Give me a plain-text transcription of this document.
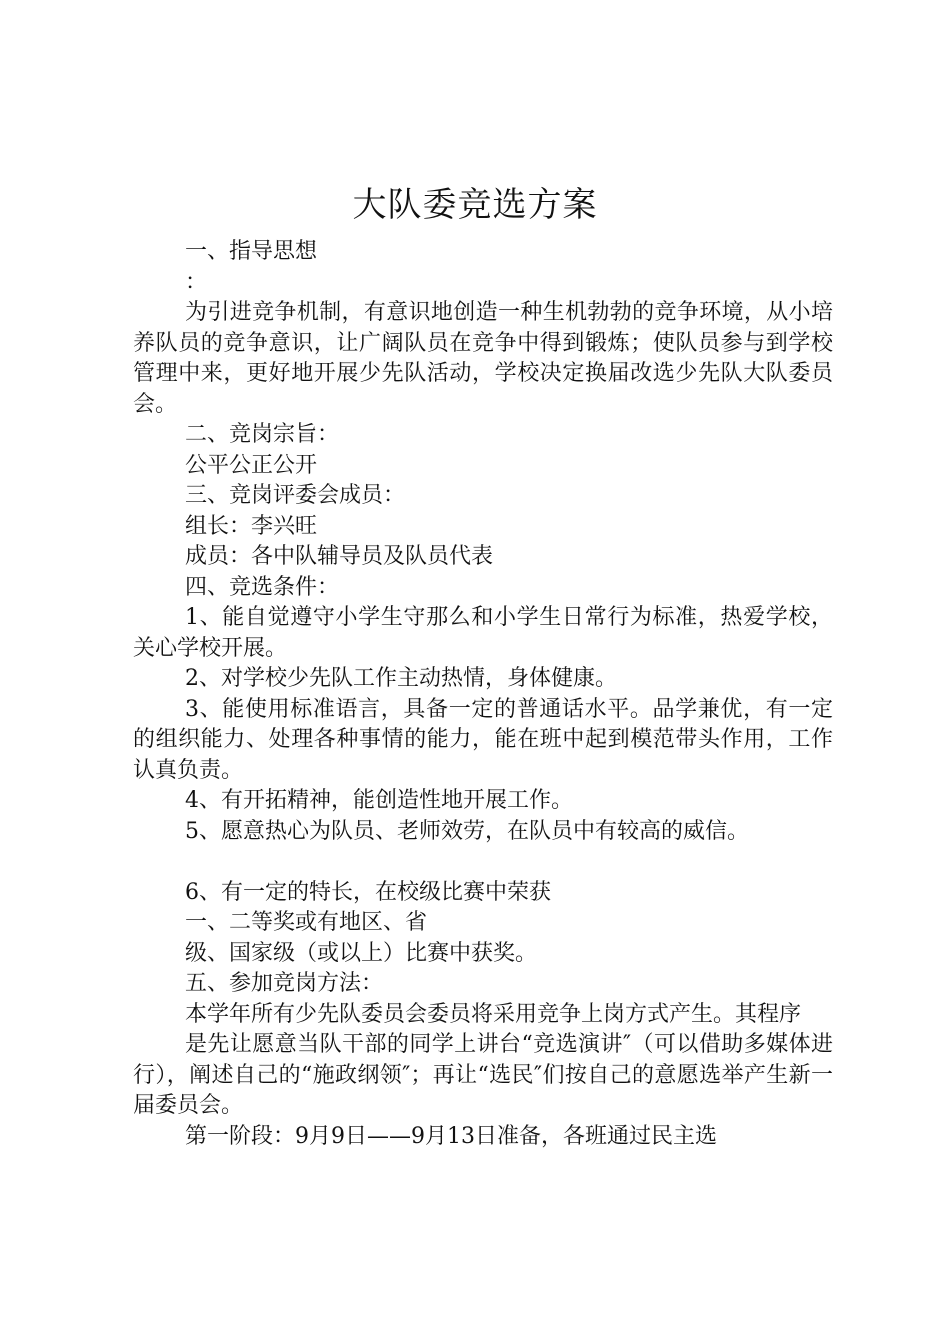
大队委竞选方案

一、指导思想

：

为引进竞争机制，有意识地创造一种生机勃勃的竞争环境，从小培养队员的竞争意识，让广阔队员在竞争中得到锻炼；使队员参与到学校管理中来，更好地开展少先队活动，学校决定换届改选少先队大队委员会。

二、竞岗宗旨：

公平公正公开

三、竞岗评委会成员：

组长：李兴旺

成员：各中队辅导员及队员代表

四、竞选条件：

1、能自觉遵守小学生守那么和小学生日常行为标准，热爱学校，关心学校开展。

2、对学校少先队工作主动热情，身体健康。

3、能使用标准语言，具备一定的普通话水平。品学兼优，有一定的组织能力、处理各种事情的能力，能在班中起到模范带头作用，工作认真负责。

4、有开拓精神，能创造性地开展工作。

5、愿意热心为队员、老师效劳，在队员中有较高的威信。

6、有一定的特长，在校级比赛中荣获

一、二等奖或有地区、省

级、国家级（或以上）比赛中获奖。

五、参加竞岗方法：

本学年所有少先队委员会委员将采用竞争上岗方式产生。其程序

是先让愿意当队干部的同学上讲台“竞选演讲″（可以借助多媒体进行），阐述自己的“施政纲领″；再让“选民″们按自己的意愿选举产生新一届委员会。

第一阶段：9月9日——9月13日准备，各班通过民主选
